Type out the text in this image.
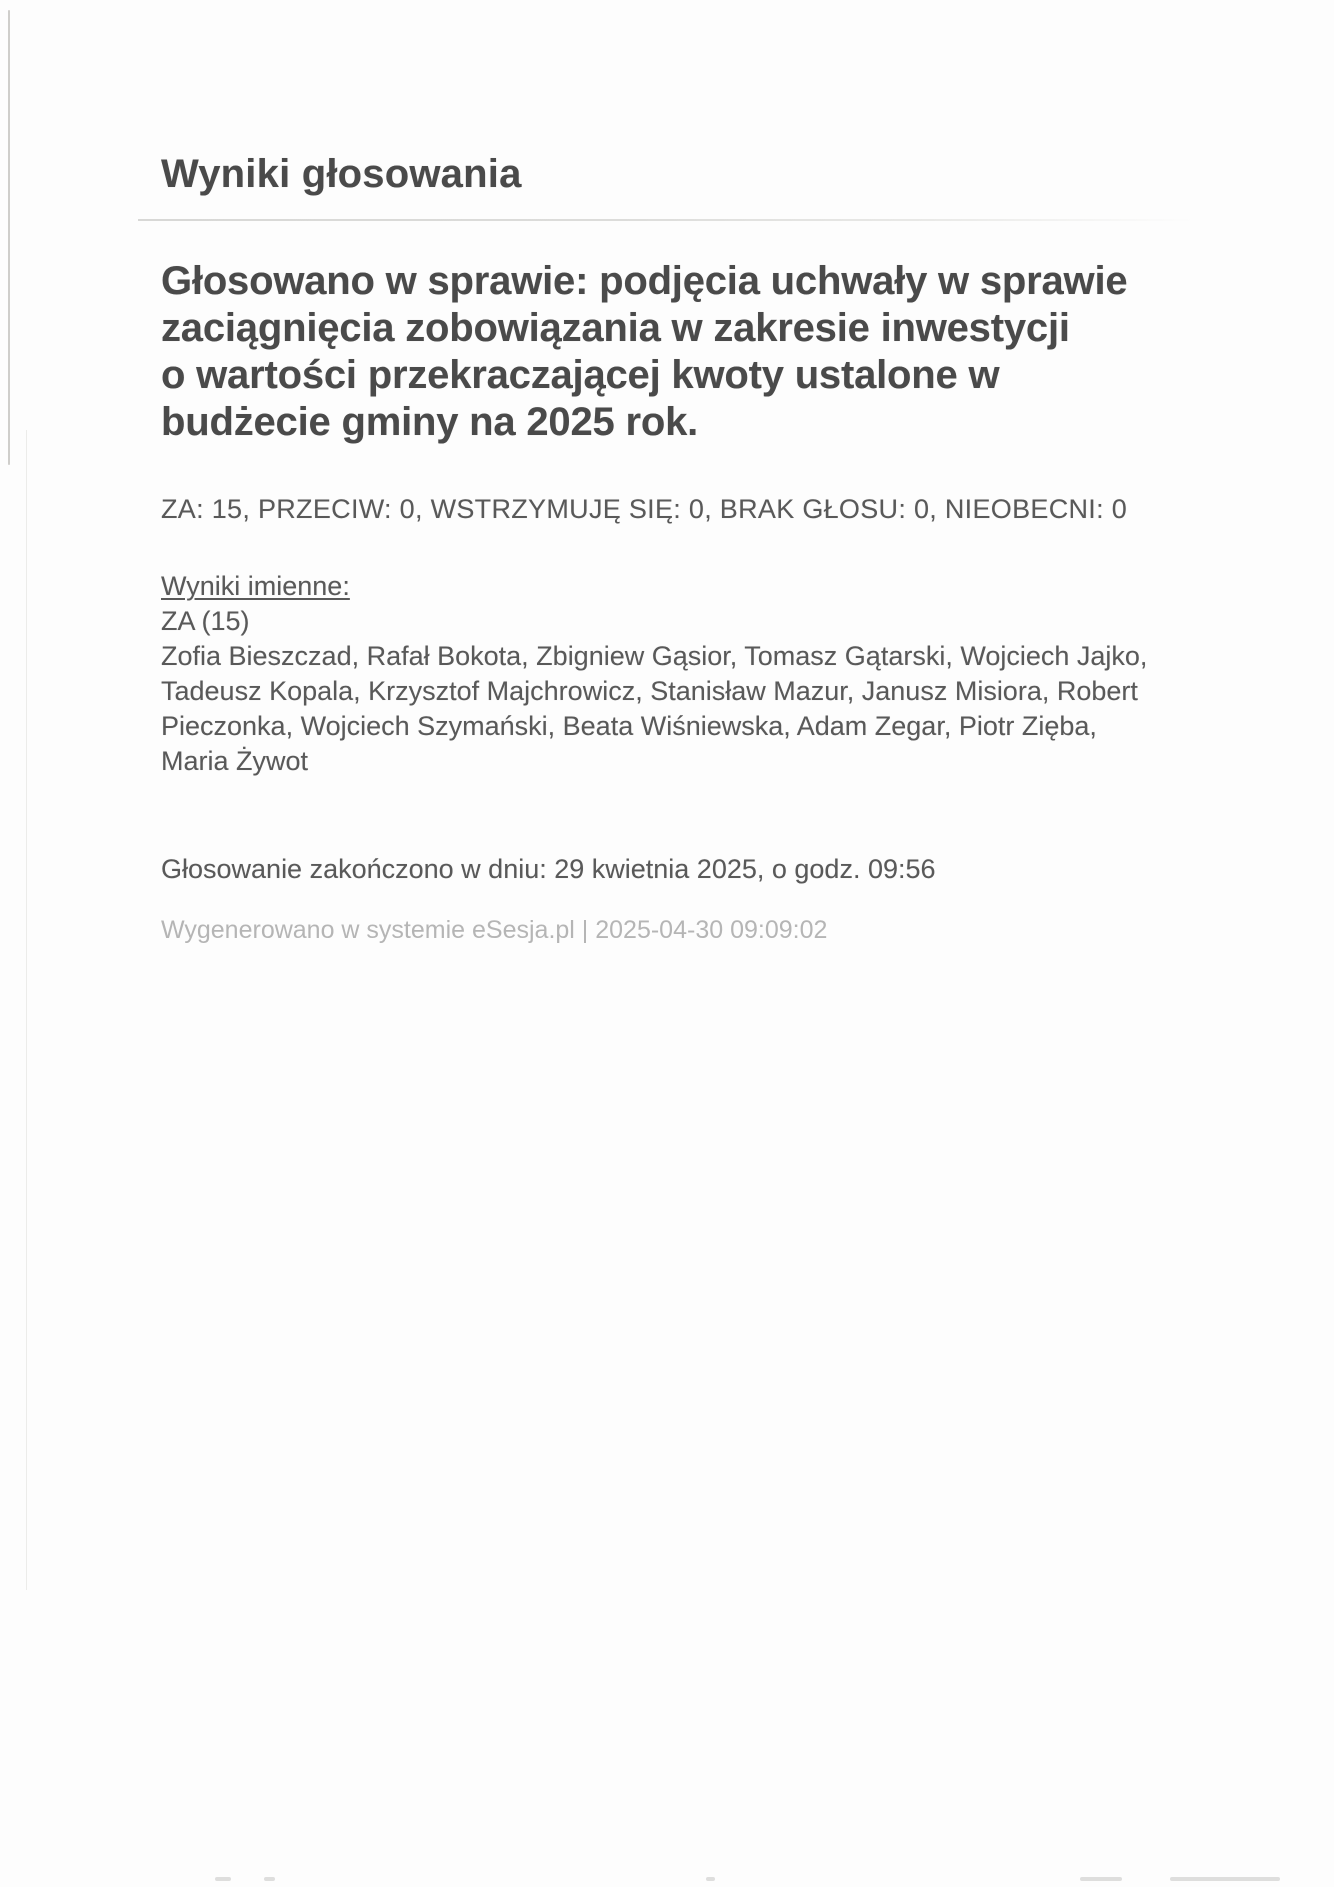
Wyniki głosowania
Głosowano w sprawie: podjęcia uchwały w sprawie
zaciągnięcia zobowiązania w zakresie inwestycji
o wartości przekraczającej kwoty ustalone w
budżecie gminy na 2025 rok.
ZA: 15, PRZECIW: 0, WSTRZYMUJĘ SIĘ: 0, BRAK GŁOSU: 0, NIEOBECNI: 0
Wyniki imienne:
ZA (15)
Zofia Bieszczad, Rafał Bokota, Zbigniew Gąsior, Tomasz Gątarski, Wojciech Jajko,
Tadeusz Kopala, Krzysztof Majchrowicz, Stanisław Mazur, Janusz Misiora, Robert
Pieczonka, Wojciech Szymański, Beata Wiśniewska, Adam Zegar, Piotr Zięba,
Maria Żywot
Głosowanie zakończono w dniu: 29 kwietnia 2025, o godz. 09:56
Wygenerowano w systemie eSesja.pl | 2025-04-30 09:09:02
